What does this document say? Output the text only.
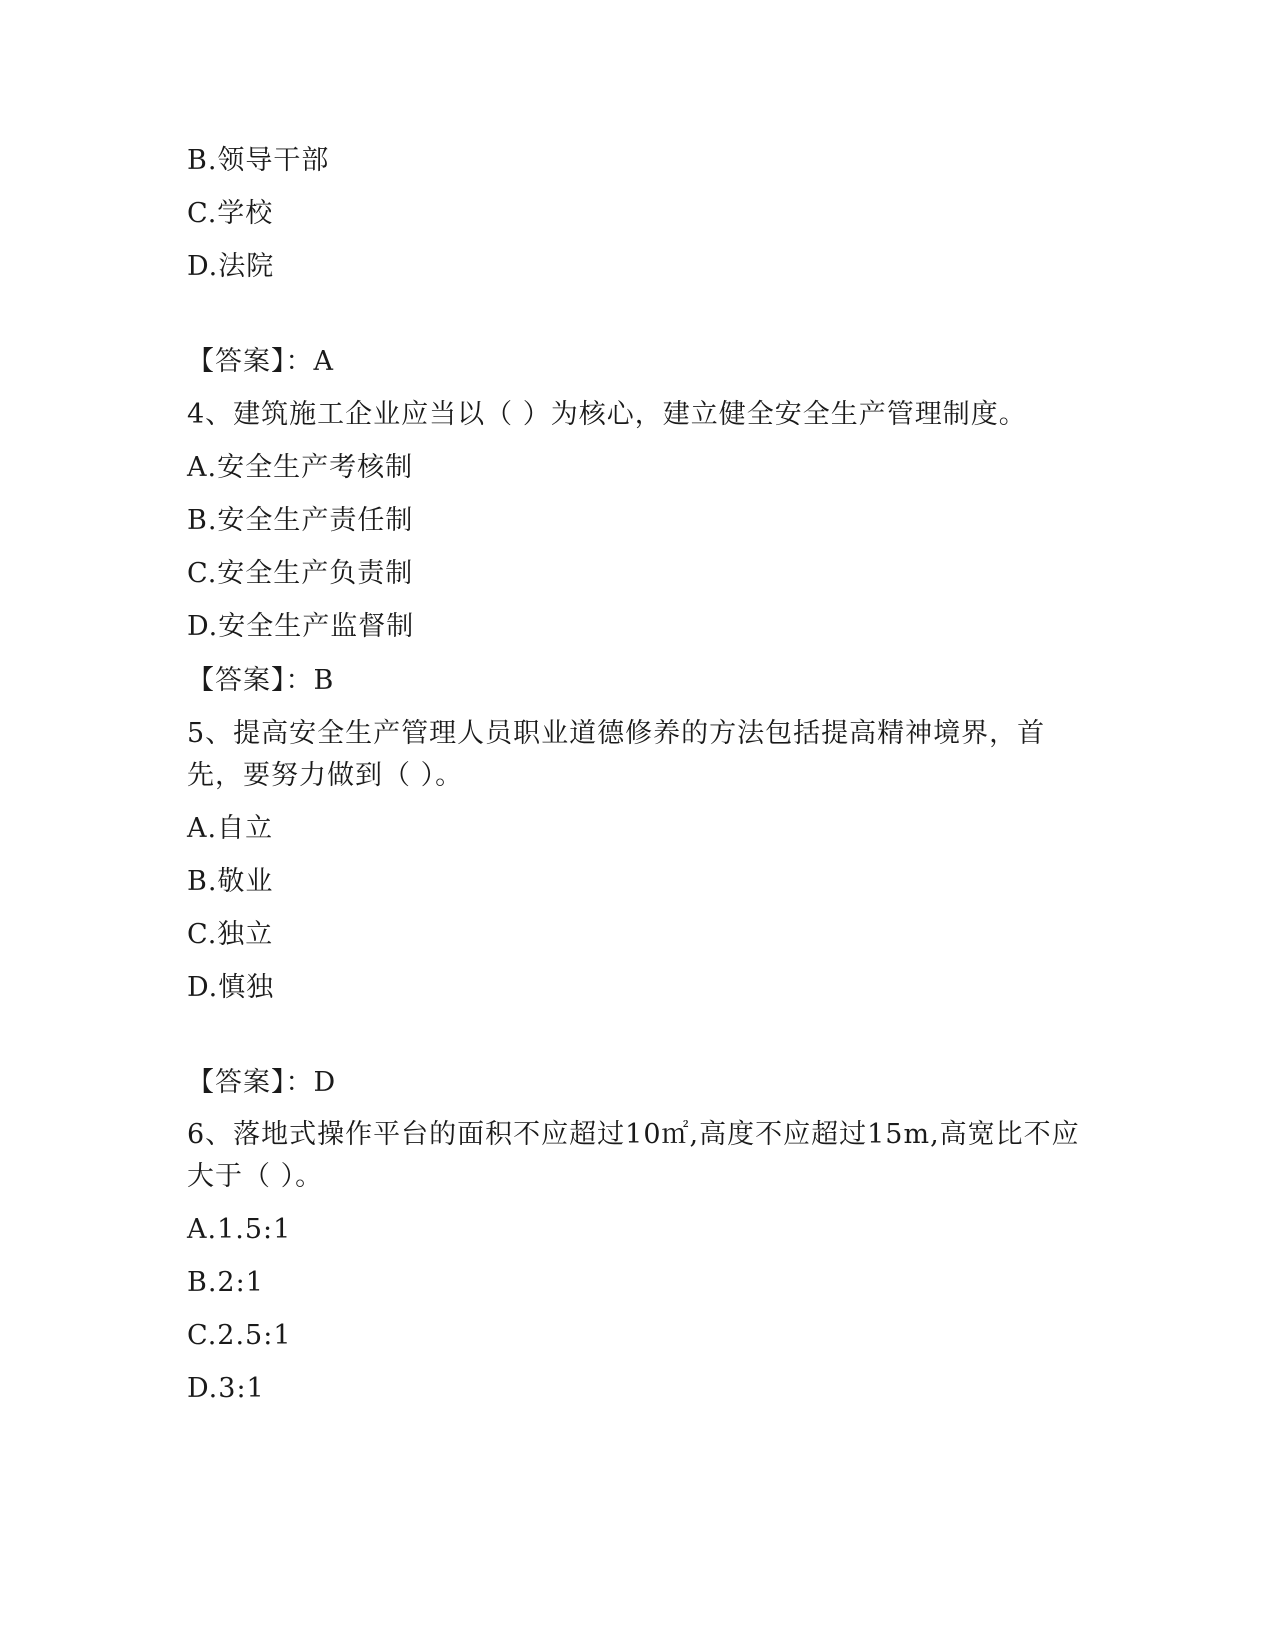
B.领导干部
C.学校
D.法院
【答案】：A
4、建筑施工企业应当以（ ）为核心，建立健全安全生产管理制度。
A.安全生产考核制
B.安全生产责任制
C.安全生产负责制
D.安全生产监督制
【答案】：B
5、提高安全生产管理人员职业道德修养的方法包括提高精神境界，首先，要努力做到（ ）。
A.自立
B.敬业
C.独立
D.慎独
【答案】：D
6、落地式操作平台的面积不应超过10㎡,高度不应超过15m,高宽比不应大于（ ）。
A.1.5:1
B.2:1
C.2.5:1
D.3:1
